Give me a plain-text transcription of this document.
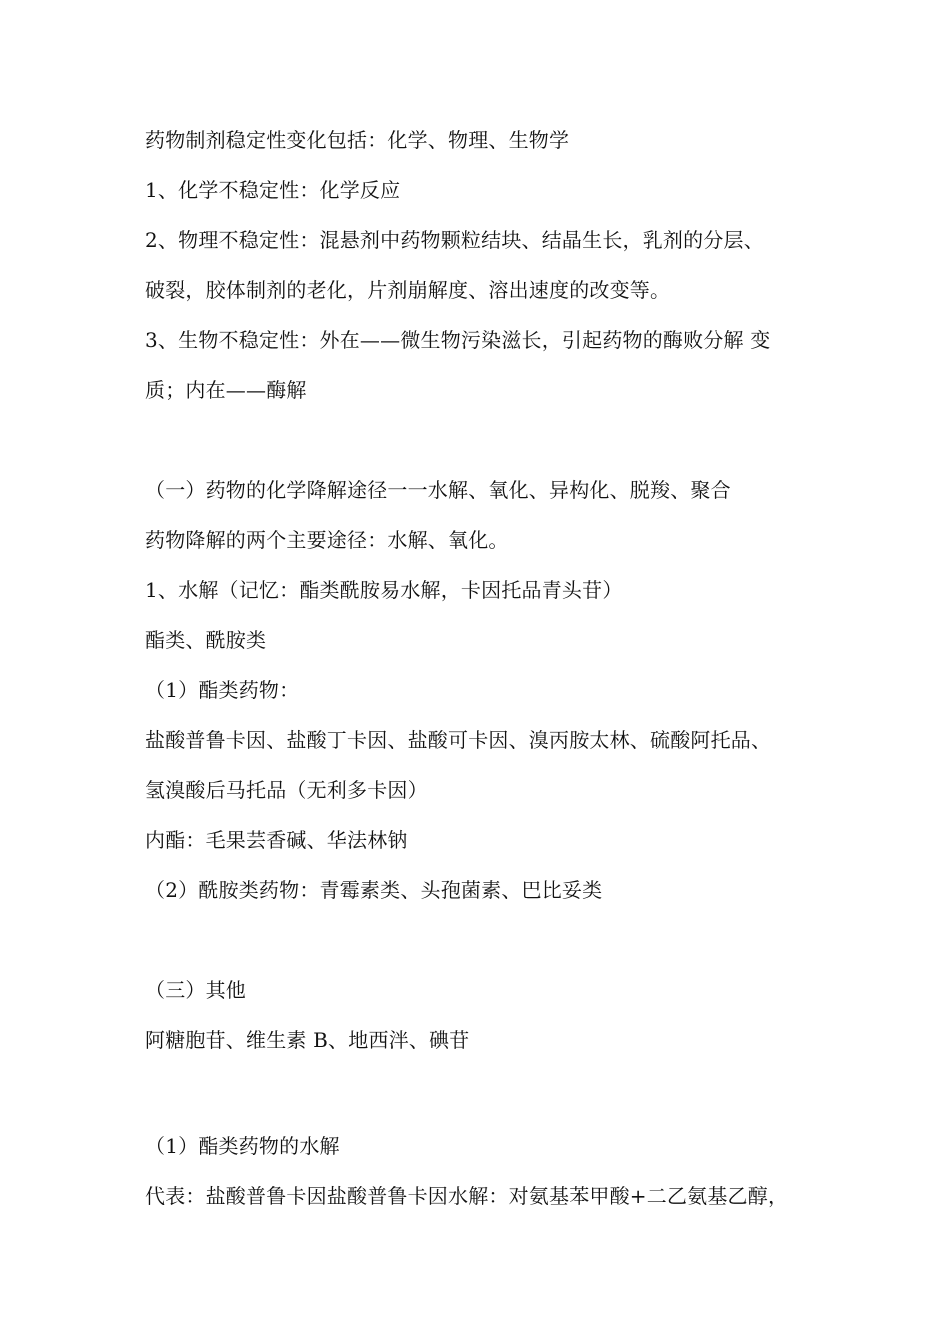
药物制剂稳定性变化包括：化学、物理、生物学
1、化学不稳定性：化学反应
2、物理不稳定性：混悬剂中药物颗粒结块、结晶生长，乳剂的分层、
破裂，胶体制剂的老化，片剂崩解度、溶出速度的改变等。
3、生物不稳定性：外在——微生物污染滋长，引起药物的酶败分解 变
质；内在——酶解
（一）药物的化学降解途径一一水解、氧化、异构化、脱羧、聚合
药物降解的两个主要途径：水解、氧化。
1、水解（记忆：酯类酰胺易水解，卡因托品青头苷）
酯类、酰胺类
（1）酯类药物：
盐酸普鲁卡因、盐酸丁卡因、盐酸可卡因、溴丙胺太林、硫酸阿托品、
氢溴酸后马托品（无利多卡因）
内酯：毛果芸香碱、华法林钠
（2）酰胺类药物：青霉素类、头孢菌素、巴比妥类
（三）其他
阿糖胞苷、维生素 B、地西泮、碘苷
（1）酯类药物的水解
代表：盐酸普鲁卡因盐酸普鲁卡因水解：对氨基苯甲酸+二乙氨基乙醇，
